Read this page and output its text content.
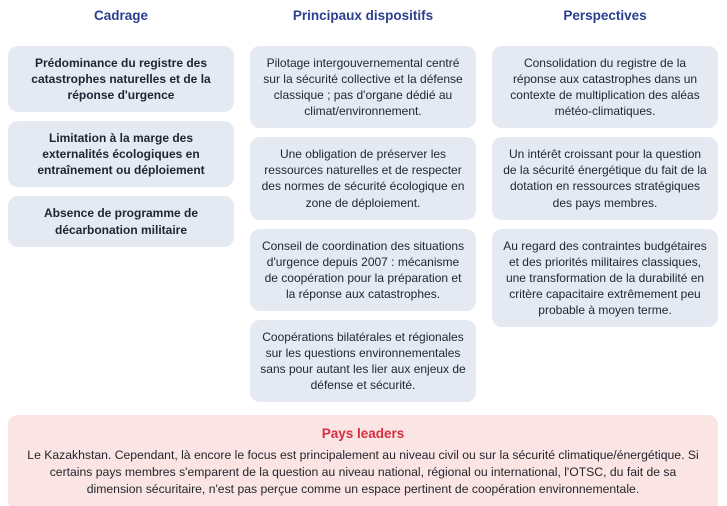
Cadrage
Prédominance du registre des catastrophes naturelles et de la réponse d'urgence
Limitation à la marge des externalités écologiques en entraînement ou déploiement
Absence de programme de décarbonation militaire
Principaux dispositifs
Pilotage intergouvernemental centré sur la sécurité collective et la défense classique ; pas d'organe dédié au climat/environnement.
Une obligation de préserver les ressources naturelles et de respecter des normes de sécurité écologique en zone de déploiement.
Conseil de coordination des situations d'urgence depuis 2007 : mécanisme de coopération pour la préparation et la réponse aux catastrophes.
Coopérations bilatérales et régionales sur les questions environnementales sans pour autant les lier aux enjeux de défense et sécurité.
Perspectives
Consolidation du registre de la réponse aux catastrophes dans un contexte de multiplication des aléas météo-climatiques.
Un intérêt croissant pour la question de la sécurité énergétique du fait de la dotation en ressources stratégiques des pays membres.
Au regard des contraintes budgétaires et des priorités militaires classiques, une transformation de la durabilité en critère capacitaire extrêmement peu probable à moyen terme.
Pays leaders
Le Kazakhstan. Cependant, là encore le focus est principalement au niveau civil ou sur la sécurité climatique/énergétique. Si certains pays membres s'emparent de la question au niveau national, régional ou international, l'OTSC, du fait de sa dimension sécuritaire, n'est pas perçue comme un espace pertinent de coopération environnementale.
